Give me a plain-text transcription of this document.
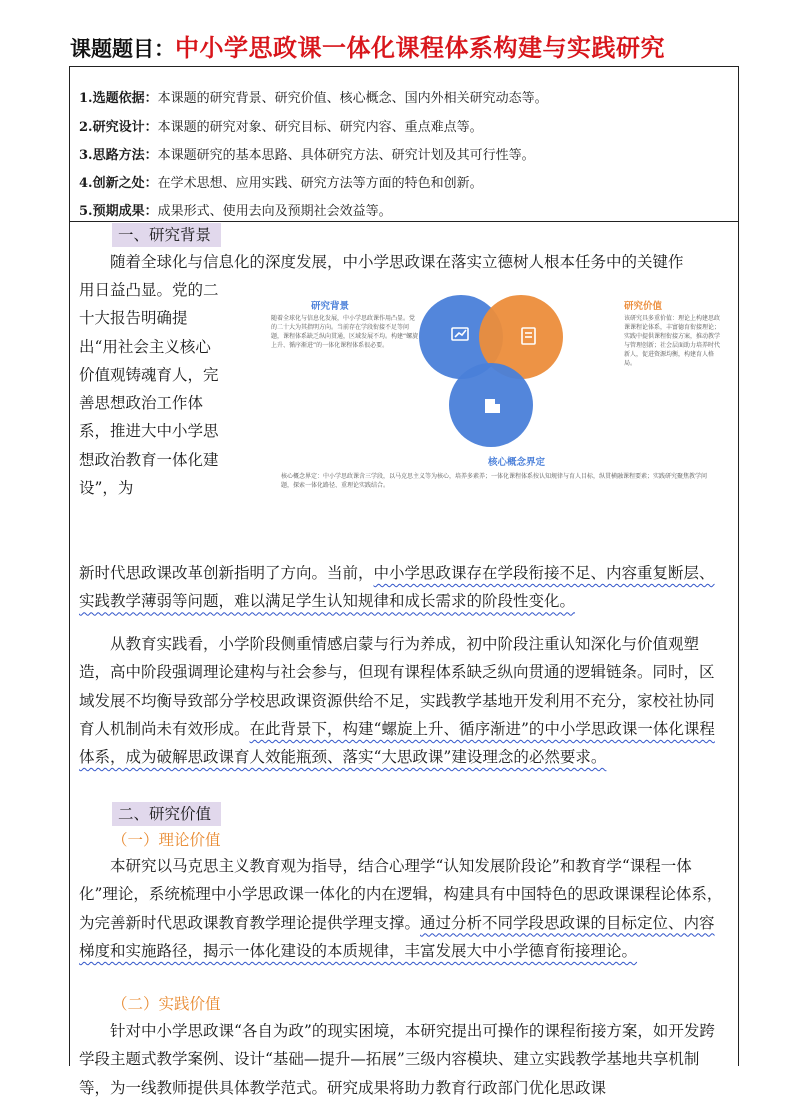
课题题目：中小学思政课一体化课程体系构建与实践研究
1.选题依据：本课题的研究背景、研究价值、核心概念、国内外相关研究动态等。
2.研究设计：本课题的研究对象、研究目标、研究内容、重点难点等。
3.思路方法：本课题研究的基本思路、具体研究方法、研究计划及其可行性等。
4.创新之处：在学术思想、应用实践、研究方法等方面的特色和创新。
5.预期成果：成果形式、使用去向及预期社会效益等。
一、研究背景
随着全球化与信息化的深度发展，中小学思政课在落实立德树人根本任务中的关键作
用日益凸显。党的二十大报告明确提出“用社会主义核心价值观铸魂育人，完善思想政治工作体系，推进大中小学思想政治教育一体化建设”，为
研究背景
随着全球化与信息化发展，中小学思政课作用凸显。党的二十大为其指明方向。当前存在学段衔接不足等问题，课程体系缺乏纵向贯通，区域发展不均。构建“螺旋上升、循序渐进”的一体化课程体系很必要。
研究价值
该研究具多重价值：理论上构建思政课课程论体系，丰富德育衔接理论；实践中提供课程衔接方案，推动教学与管理创新；社会层面助力培养时代新人，促进资源均衡，构建育人格局。
核心概念界定
核心概念界定：中小学思政课含三学段，以马克思主义等为核心，培养多素养；一体化课程体系按认知规律与育人目标，纵贯横融课程要素；实践研究聚焦教学问题，探索一体化路径、重理论实践结合。
新时代思政课改革创新指明了方向。当前，中小学思政课存在学段衔接不足、内容重复断层、实践教学薄弱等问题，难以满足学生认知规律和成长需求的阶段性变化。
从教育实践看，小学阶段侧重情感启蒙与行为养成，初中阶段注重认知深化与价值观塑造，高中阶段强调理论建构与社会参与，但现有课程体系缺乏纵向贯通的逻辑链条。同时，区域发展不均衡导致部分学校思政课资源供给不足，实践教学基地开发利用不充分，家校社协同育人机制尚未有效形成。在此背景下，构建“螺旋上升、循序渐进”的中小学思政课一体化课程体系，成为破解思政课育人效能瓶颈、落实“大思政课”建设理念的必然要求。
二、研究价值
（一）理论价值
本研究以马克思主义教育观为指导，结合心理学“认知发展阶段论”和教育学“课程一体化”理论，系统梳理中小学思政课一体化的内在逻辑，构建具有中国特色的思政课课程论体系，为完善新时代思政课教育教学理论提供学理支撑。通过分析不同学段思政课的目标定位、内容梯度和实施路径，揭示一体化建设的本质规律，丰富发展大中小学德育衔接理论。
（二）实践价值
针对中小学思政课“各自为政”的现实困境，本研究提出可操作的课程衔接方案，如开发跨学段主题式教学案例、设计“基础—提升—拓展”三级内容模块、建立实践教学基地共享机制等，为一线教师提供具体教学范式。研究成果将助力教育行政部门优化思政课
